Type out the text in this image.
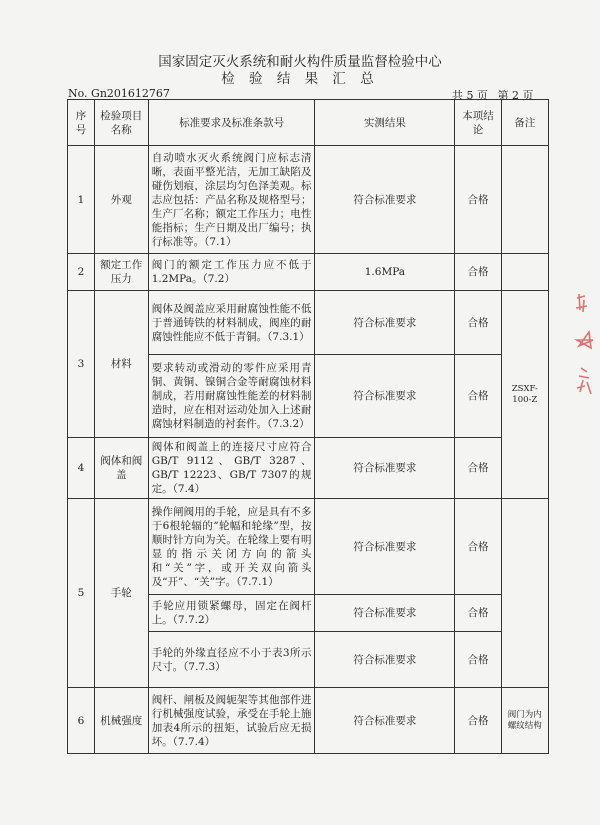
国家固定灭火系统和耐火构件质量监督检验中心
检 验 结 果 汇 总
No. Gn201612767	共 5 页 第 2 页
序号	检验项目名称	标准要求及标准条款号	实测结果	本项结论	备注
1	外观	自动喷水灭火系统阀门应标志清晰，表面平整光洁，无加工缺陷及碰伤划痕，涂层均匀色泽美观。标志应包括：产品名称及规格型号；生产厂名称；额定工作压力；电性能指标；生产日期及出厂编号；执行标准等。（7.1）	符合标准要求	合格	
2	额定工作压力	阀门的额定工作压力应不低于1.2MPa。（7.2）	1.6MPa	合格	
3	材料	阀体及阀盖应采用耐腐蚀性能不低于普通铸铁的材料制成，阀座的耐腐蚀性能应不低于青铜。（7.3.1）	符合标准要求	合格	ZSXF-100-Z
		要求转动或滑动的零件应采用青铜、黄铜、镍铜合金等耐腐蚀材料制成，若用耐腐蚀性能差的材料制造时，应在相对运动处加入上述耐腐蚀材料制造的衬套件。（7.3.2）	符合标准要求	合格	
4	阀体和阀盖	阀体和阀盖上的连接尺寸应符合GB/T 9112、GB/T 3287、GB/T 12223、GB/T 7307的规定。（7.4）	符合标准要求	合格	
5	手轮	操作闸阀用的手轮，应是具有不多于6根轮辐的“轮幅和轮缘”型，按顺时针方向为关。在轮缘上要有明显的指示关闭方向的箭头和“关”字，或开关双向箭头及“开”、“关”字。（7.7.1）	符合标准要求	合格	
		手轮应用锁紧螺母，固定在阀杆上。（7.7.2）	符合标准要求	合格	
		手轮的外缘直径应不小于表3所示尺寸。（7.7.3）	符合标准要求	合格	
6	机械强度	阀杆、闸板及阀轭架等其他部件进行机械强度试验，承受在手轮上施加表4所示的扭矩，试验后应无损坏。（7.7.4）	符合标准要求	合格	阀门为内螺纹结构
